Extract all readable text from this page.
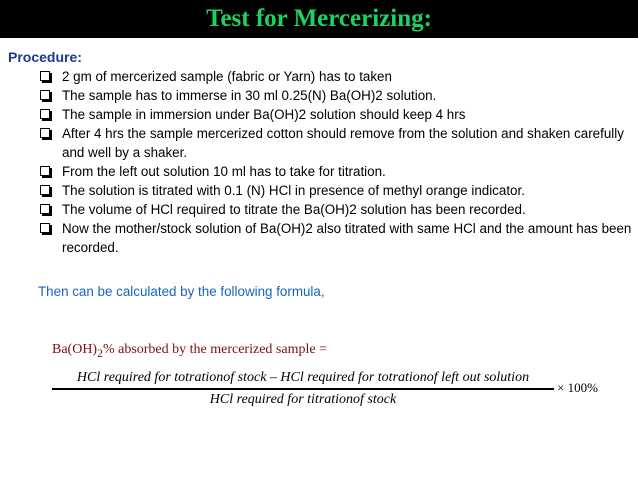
Test for Mercerizing:
Procedure:
2 gm of mercerized sample (fabric or Yarn) has to taken
The sample has to immerse in 30 ml 0.25(N) Ba(OH)2 solution.
The sample in immersion under Ba(OH)2 solution should keep 4 hrs
After 4 hrs the sample mercerized cotton should remove from the solution and shaken carefully and well by a shaker.
From the left out solution 10 ml has to take for titration.
The solution is titrated with 0.1 (N) HCl in presence of methyl orange indicator.
The volume of HCl required to titrate the Ba(OH)2 solution has been recorded.
Now the mother/stock solution of Ba(OH)2 also titrated with same HCl and the amount has been recorded.
Then can be calculated by the following formula,
$Ba(OH)_2\%$ absorbed by the mercerized sample =
HCl required for totrationof stock – HCl required for totrationof left out solution
HCl required for titrationof stock
× 100%
